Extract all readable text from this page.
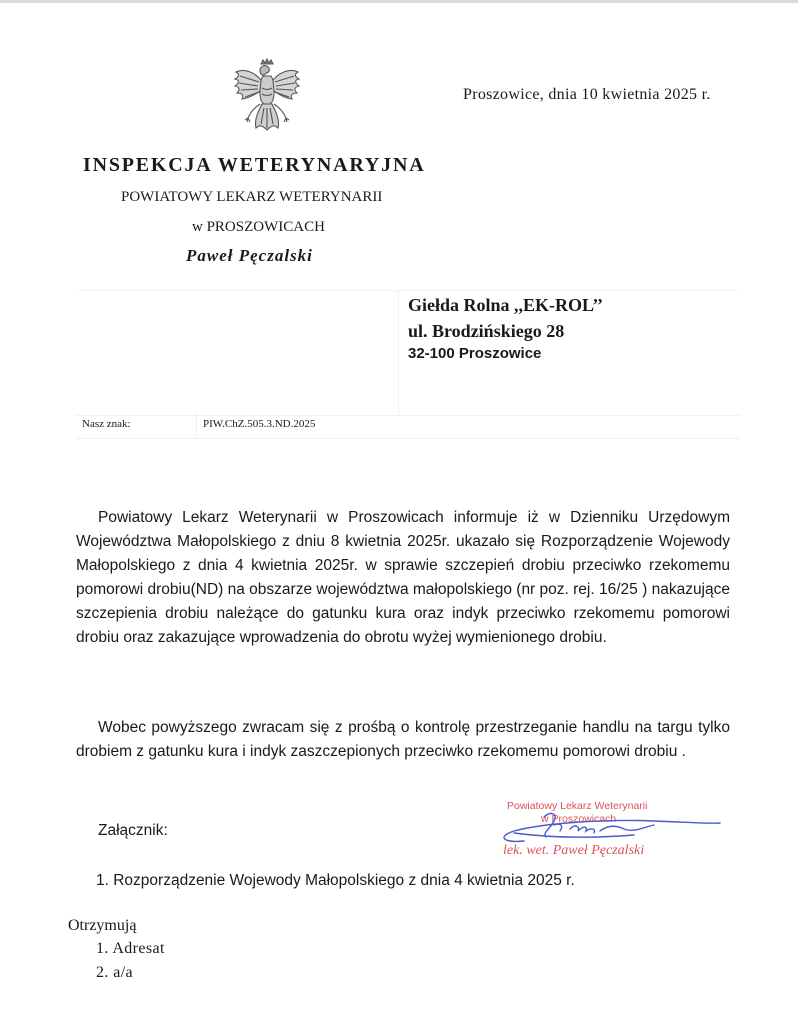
Proszowice, dnia 10 kwietnia 2025 r.
INSPEKCJA WETERYNARYJNA
POWIATOWY LEKARZ WETERYNARII
w PROSZOWICACH
Paweł Pęczalski
Giełda Rolna ,,EK-ROL’’
ul. Brodzińskiego 28
32-100 Proszowice
Nasz znak:	PIW.ChZ.505.3.ND.2025

Powiatowy Lekarz Weterynarii w Proszowicach informuje iż w Dzienniku Urzędowym Województwa Małopolskiego z dniu 8 kwietnia 2025r. ukazało się Rozporządzenie Wojewody Małopolskiego z dnia 4 kwietnia 2025r. w sprawie szczepień drobiu przeciwko rzekomemu pomorowi drobiu(ND) na obszarze województwa małopolskiego (nr poz. rej. 16/25 ) nakazujące szczepienia drobiu należące do gatunku kura oraz indyk przeciwko rzekomemu pomorowi drobiu oraz zakazujące wprowadzenia do obrotu wyżej wymienionego drobiu.

Wobec powyższego zwracam się z prośbą o kontrolę przestrzeganie handlu na targu tylko drobiem z gatunku kura i indyk zaszczepionych przeciwko rzekomemu pomorowi drobiu .

Załącznik:
1. Rozporządzenie Wojewody Małopolskiego z dnia 4 kwietnia 2025 r.
Powiatowy Lekarz Weterynarii
w Proszowicach
lek. wet. Paweł Pęczalski
Otrzymują
1. Adresat
2. a/a
